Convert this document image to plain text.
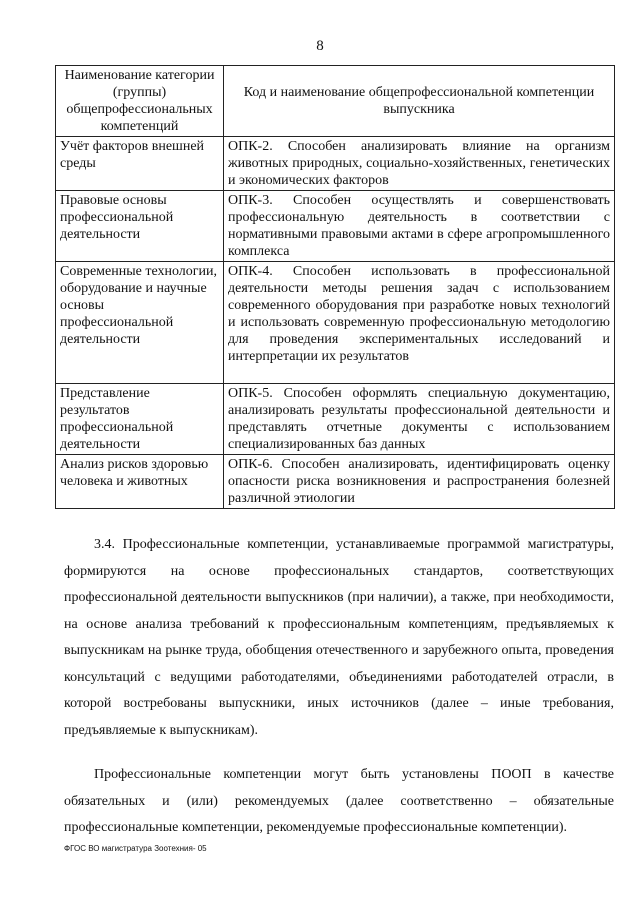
8
Наименование категории (группы) общепрофессиональных компетенций	Код и наименование общепрофессиональной компетенции выпускника
Учёт факторов внешней среды	ОПК-2. Способен анализировать влияние на организм животных природных, социально-хозяйственных, генетических и экономических факторов
Правовые основы профессиональной деятельности	ОПК-3. Способен осуществлять и совершенствовать профессиональную деятельность в соответствии с нормативными правовыми актами в сфере агропромышленного комплекса
Современные технологии, оборудование и научные основы профессиональной деятельности	ОПК-4. Способен использовать в профессиональной деятельности методы решения задач с использованием современного оборудования при разработке новых технологий и использовать современную профессиональную методологию для проведения экспериментальных исследований и интерпретации их результатов
Представление результатов профессиональной деятельности	ОПК-5. Способен оформлять специальную документацию, анализировать результаты профессиональной деятельности и представлять отчетные документы с использованием специализированных баз данных
Анализ рисков здоровью человека и животных	ОПК-6. Способен анализировать, идентифицировать оценку опасности риска возникновения и распространения болезней различной этиологии
3.4. Профессиональные компетенции, устанавливаемые программой магистратуры, формируются на основе профессиональных стандартов, соответствующих профессиональной деятельности выпускников (при наличии), а также, при необходимости, на основе анализа требований к профессиональным компетенциям, предъявляемых к выпускникам на рынке труда, обобщения отечественного и зарубежного опыта, проведения консультаций с ведущими работодателями, объединениями работодателей отрасли, в которой востребованы выпускники, иных источников (далее – иные требования, предъявляемые к выпускникам).
Профессиональные компетенции могут быть установлены ПООП в качестве обязательных и (или) рекомендуемых (далее соответственно – обязательные профессиональные компетенции, рекомендуемые профессиональные компетенции).
ФГОС ВО магистратура Зоотехния- 05
